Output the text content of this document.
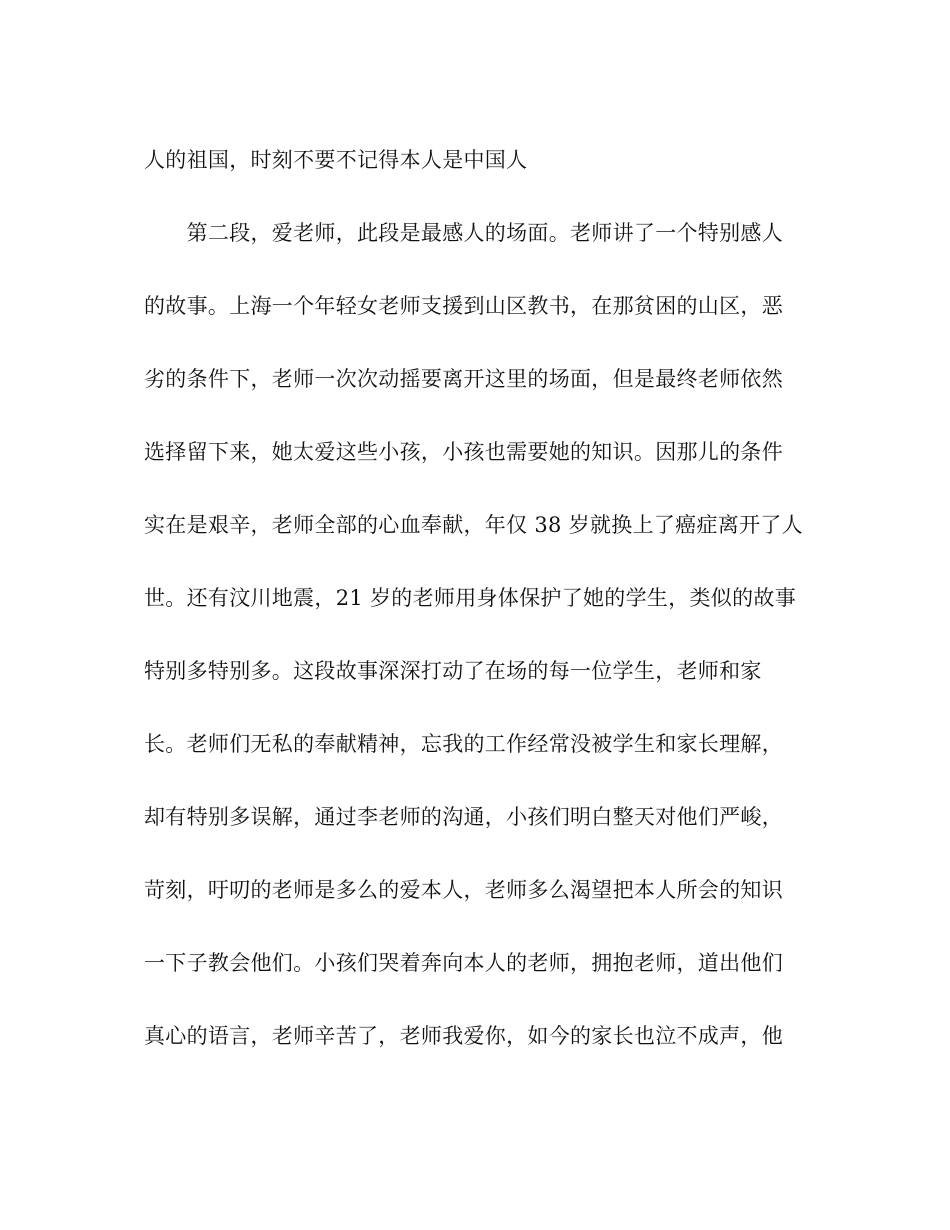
人的祖国，时刻不要不记得本人是中国人
　　第二段，爱老师，此段是最感人的场面。老师讲了一个特别感人
的故事。上海一个年轻女老师支援到山区教书，在那贫困的山区，恶
劣的条件下，老师一次次动摇要离开这里的场面，但是最终老师依然
选择留下来，她太爱这些小孩，小孩也需要她的知识。因那儿的条件
实在是艰辛，老师全部的心血奉献，年仅 38 岁就换上了癌症离开了人
世。还有汶川地震，21 岁的老师用身体保护了她的学生，类似的故事
特别多特别多。这段故事深深打动了在场的每一位学生，老师和家
长。老师们无私的奉献精神，忘我的工作经常没被学生和家长理解，
却有特别多误解，通过李老师的沟通，小孩们明白整天对他们严峻，
苛刻，吁叨的老师是多么的爱本人，老师多么渴望把本人所会的知识
一下子教会他们。小孩们哭着奔向本人的老师，拥抱老师，道出他们
真心的语言，老师辛苦了，老师我爱你，如今的家长也泣不成声，他
